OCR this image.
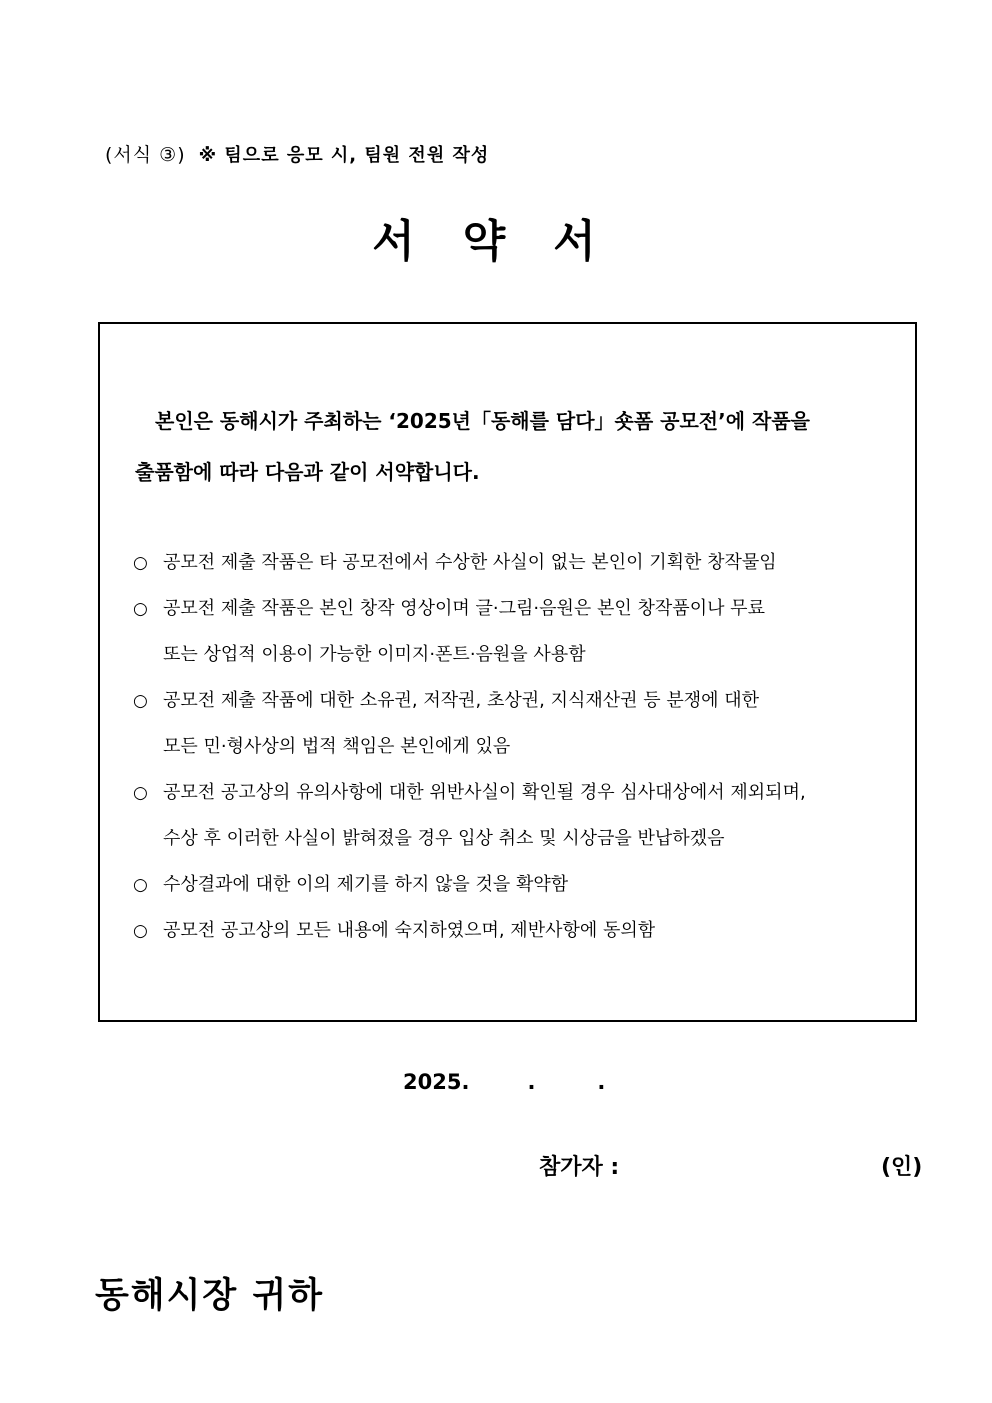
(서식 ③) ※ 팀으로 응모 시, 팀원 전원 작성
서약서
본인은 동해시가 주최하는 ‘2025년「동해를 담다」숏폼 공모전’에 작품을
출품함에 따라 다음과 같이 서약합니다.
○ 공모전 제출 작품은 타 공모전에서 수상한 사실이 없는 본인이 기획한 창작물임
○ 공모전 제출 작품은 본인 창작 영상이며 글·그림·음원은 본인 창작품이나 무료
또는 상업적 이용이 가능한 이미지·폰트·음원을 사용함
○ 공모전 제출 작품에 대한 소유권, 저작권, 초상권, 지식재산권 등 분쟁에 대한
모든 민·형사상의 법적 책임은 본인에게 있음
○ 공모전 공고상의 유의사항에 대한 위반사실이 확인될 경우 심사대상에서 제외되며,
수상 후 이러한 사실이 밝혀졌을 경우 입상 취소 및 시상금을 반납하겠음
○ 수상결과에 대한 이의 제기를 하지 않을 것을 확약함
○ 공모전 공고상의 모든 내용에 숙지하였으며, 제반사항에 동의함
2025.	.	.
참가자 :	(인)
동해시장 귀하
